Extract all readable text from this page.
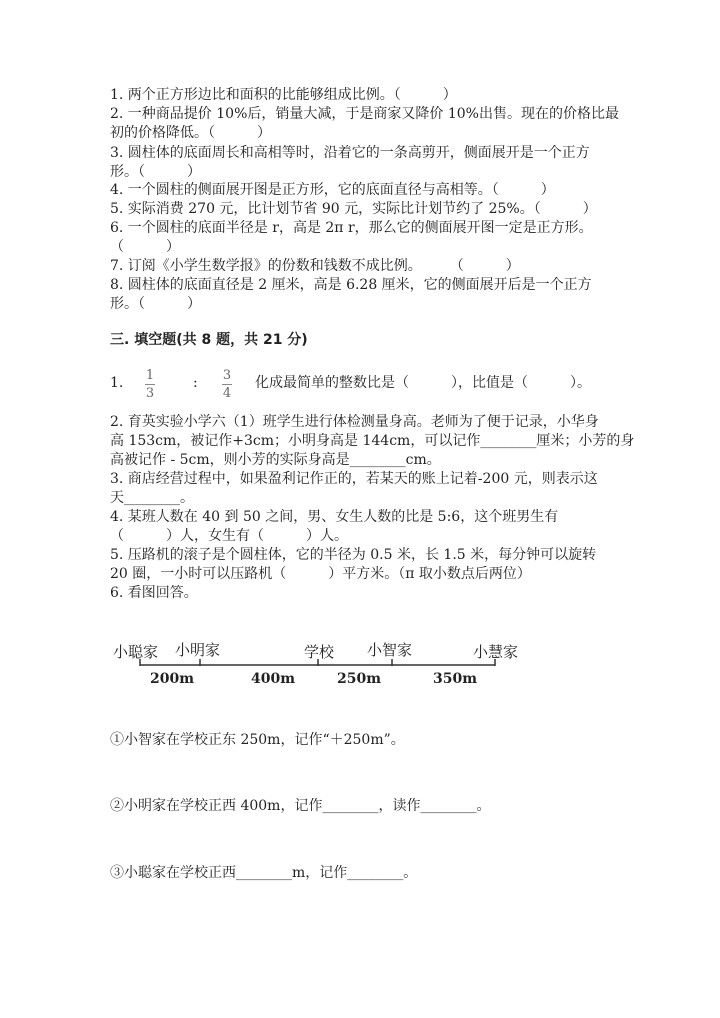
1. 两个正方形边比和面积的比能够组成比例。（　　　）
2. 一种商品提价 10%后，销量大减，于是商家又降价 10%出售。现在的价格比最
初的价格降低。（　　　）
3. 圆柱体的底面周长和高相等时，沿着它的一条高剪开，侧面展开是一个正方
形。（　　　）
4. 一个圆柱的侧面展开图是正方形，它的底面直径与高相等。（　　　）
5. 实际消费 270 元，比计划节省 90 元，实际比计划节约了 25%。（　　　）
6. 一个圆柱的底面半径是 r，高是 2π r，那么它的侧面展开图一定是正方形。
（　　　）
7. 订阅《小学生数学报》的份数和钱数不成比例。　　　（　　　）
8. 圆柱体的底面直径是 2 厘米，高是 6.28 厘米，它的侧面展开后是一个正方
形。（　　　）
三. 填空题(共 8 题，共 21 分)
1. 1
3
: 3
4
化成最简单的整数比是（　　　），比值是（　　　）。
2. 育英实验小学六（1）班学生进行体检测量身高。老师为了便于记录，小华身
高 153cm，被记作+3cm；小明身高是 144cm，可以记作________厘米；小芳的身
高被记作 - 5cm，则小芳的实际身高是________cm。
3. 商店经营过程中，如果盈利记作正的，若某天的账上记着-200 元，则表示这
天________。
4. 某班人数在 40 到 50 之间，男、女生人数的比是 5:6，这个班男生有
（　　　）人，女生有（　　　）人。
5. 压路机的滚子是个圆柱体，它的半径为 0.5 米，长 1.5 米，每分钟可以旋转
20 圈，一小时可以压路机（　　　）平方米。（π 取小数点后两位）
6. 看图回答。
小聪家 小明家	学校 小智家	小慧家
200m	400m	250m	350m
①小智家在学校正东 250m，记作“＋250m”。
②小明家在学校正西 400m，记作________，读作________。
③小聪家在学校正西________m，记作________。
